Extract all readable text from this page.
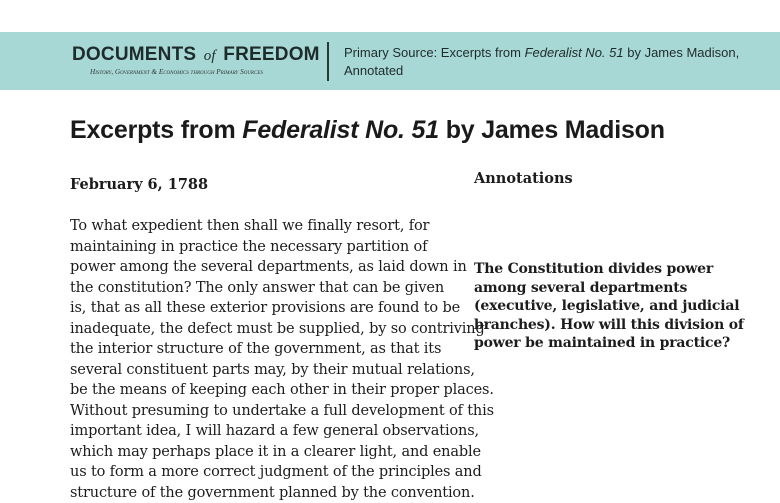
DOCUMENTS of FREEDOM
History, Government & Economics through Primary Sources
Primary Source: Excerpts from Federalist No. 51 by James Madison,
Annotated
Excerpts from Federalist No. 51 by James Madison
February 6, 1788
To what expedient then shall we finally resort, for
maintaining in practice the necessary partition of
power among the several departments, as laid down in
the constitution? The only answer that can be given
is, that as all these exterior provisions are found to be
inadequate, the defect must be supplied, by so contriving
the interior structure of the government, as that its
several constituent parts may, by their mutual relations,
be the means of keeping each other in their proper places.
Without presuming to undertake a full development of this
important idea, I will hazard a few general observations,
which may perhaps place it in a clearer light, and enable
us to form a more correct judgment of the principles and
structure of the government planned by the convention.
Annotations
The Constitution divides power
among several departments
(executive, legislative, and judicial
branches). How will this division of
power be maintained in practice?
